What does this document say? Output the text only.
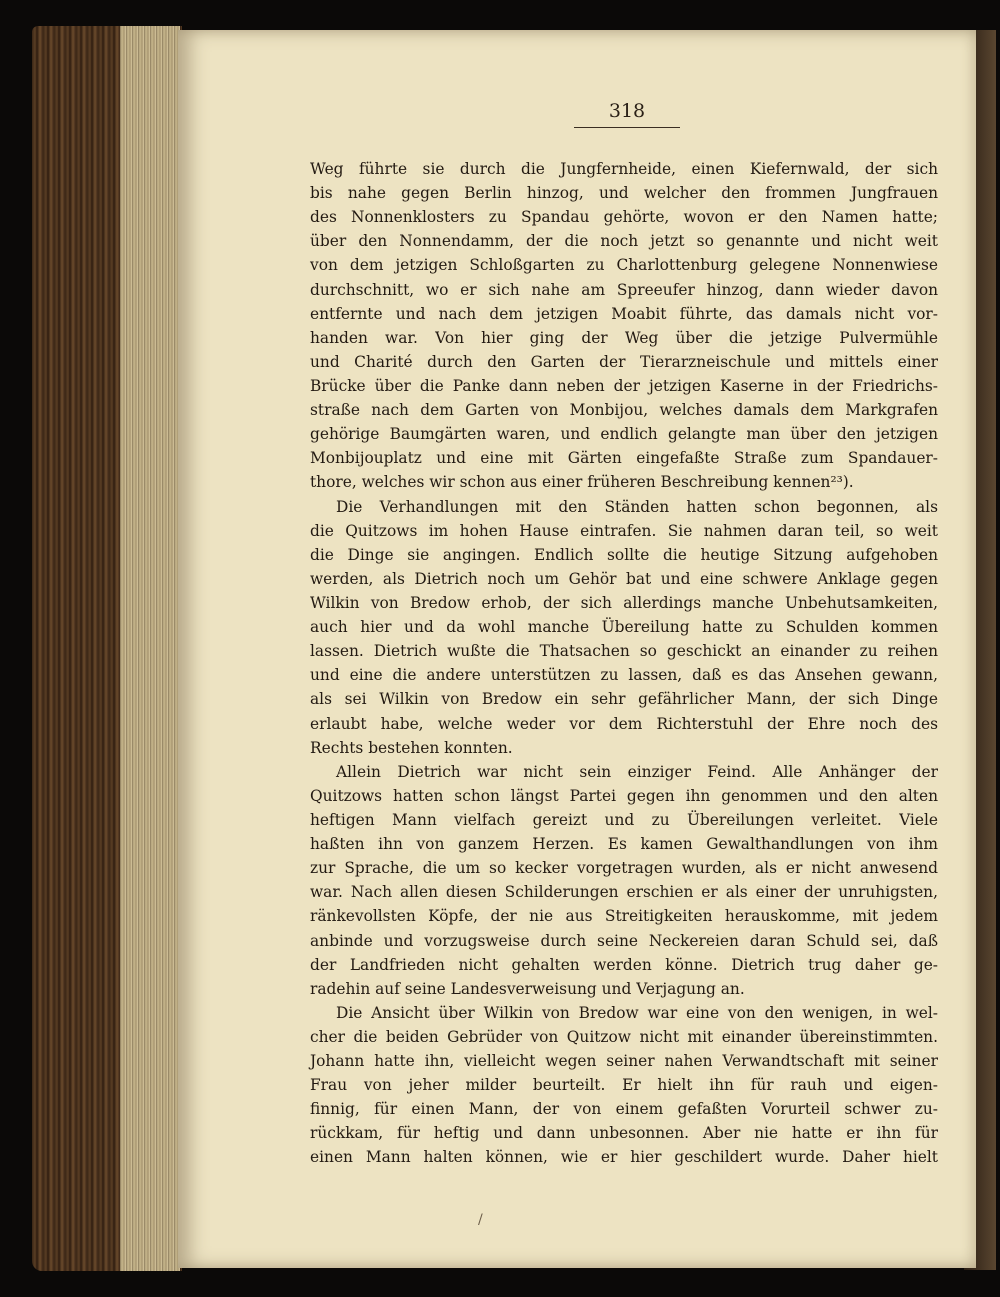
318
Weg führte sie durch die Jungfernheide, einen Kiefernwald, der sich
bis nahe gegen Berlin hinzog, und welcher den frommen Jungfrauen
des Nonnenklosters zu Spandau gehörte, wovon er den Namen hatte;
über den Nonnendamm, der die noch jetzt so genannte und nicht weit
von dem jetzigen Schloßgarten zu Charlottenburg gelegene Nonnenwiese
durchschnitt, wo er sich nahe am Spreeufer hinzog, dann wieder davon
entfernte und nach dem jetzigen Moabit führte, das damals nicht vor-
handen war. Von hier ging der Weg über die jetzige Pulvermühle
und Charité durch den Garten der Tierarzneischule und mittels einer
Brücke über die Panke dann neben der jetzigen Kaserne in der Friedrichs-
straße nach dem Garten von Monbijou, welches damals dem Markgrafen
gehörige Baumgärten waren, und endlich gelangte man über den jetzigen
Monbijouplatz und eine mit Gärten eingefaßte Straße zum Spandauer-
thore, welches wir schon aus einer früheren Beschreibung kennen²³).
Die Verhandlungen mit den Ständen hatten schon begonnen, als
die Quitzows im hohen Hause eintrafen. Sie nahmen daran teil, so weit
die Dinge sie angingen. Endlich sollte die heutige Sitzung aufgehoben
werden, als Dietrich noch um Gehör bat und eine schwere Anklage gegen
Wilkin von Bredow erhob, der sich allerdings manche Unbehutsamkeiten,
auch hier und da wohl manche Übereilung hatte zu Schulden kommen
lassen. Dietrich wußte die Thatsachen so geschickt an einander zu reihen
und eine die andere unterstützen zu lassen, daß es das Ansehen gewann,
als sei Wilkin von Bredow ein sehr gefährlicher Mann, der sich Dinge
erlaubt habe, welche weder vor dem Richterstuhl der Ehre noch des
Rechts bestehen konnten.
Allein Dietrich war nicht sein einziger Feind. Alle Anhänger der
Quitzows hatten schon längst Partei gegen ihn genommen und den alten
heftigen Mann vielfach gereizt und zu Übereilungen verleitet. Viele
haßten ihn von ganzem Herzen. Es kamen Gewalthandlungen von ihm
zur Sprache, die um so kecker vorgetragen wurden, als er nicht anwesend
war. Nach allen diesen Schilderungen erschien er als einer der unruhigsten,
ränkevollsten Köpfe, der nie aus Streitigkeiten herauskomme, mit jedem
anbinde und vorzugsweise durch seine Neckereien daran Schuld sei, daß
der Landfrieden nicht gehalten werden könne. Dietrich trug daher ge-
radehin auf seine Landesverweisung und Verjagung an.
Die Ansicht über Wilkin von Bredow war eine von den wenigen, in wel-
cher die beiden Gebrüder von Quitzow nicht mit einander übereinstimmten.
Johann hatte ihn, vielleicht wegen seiner nahen Verwandtschaft mit seiner
Frau von jeher milder beurteilt. Er hielt ihn für rauh und eigen-
finnig, für einen Mann, der von einem gefaßten Vorurteil schwer zu-
rückkam, für heftig und dann unbesonnen. Aber nie hatte er ihn für
einen Mann halten können, wie er hier geschildert wurde. Daher hielt
/
